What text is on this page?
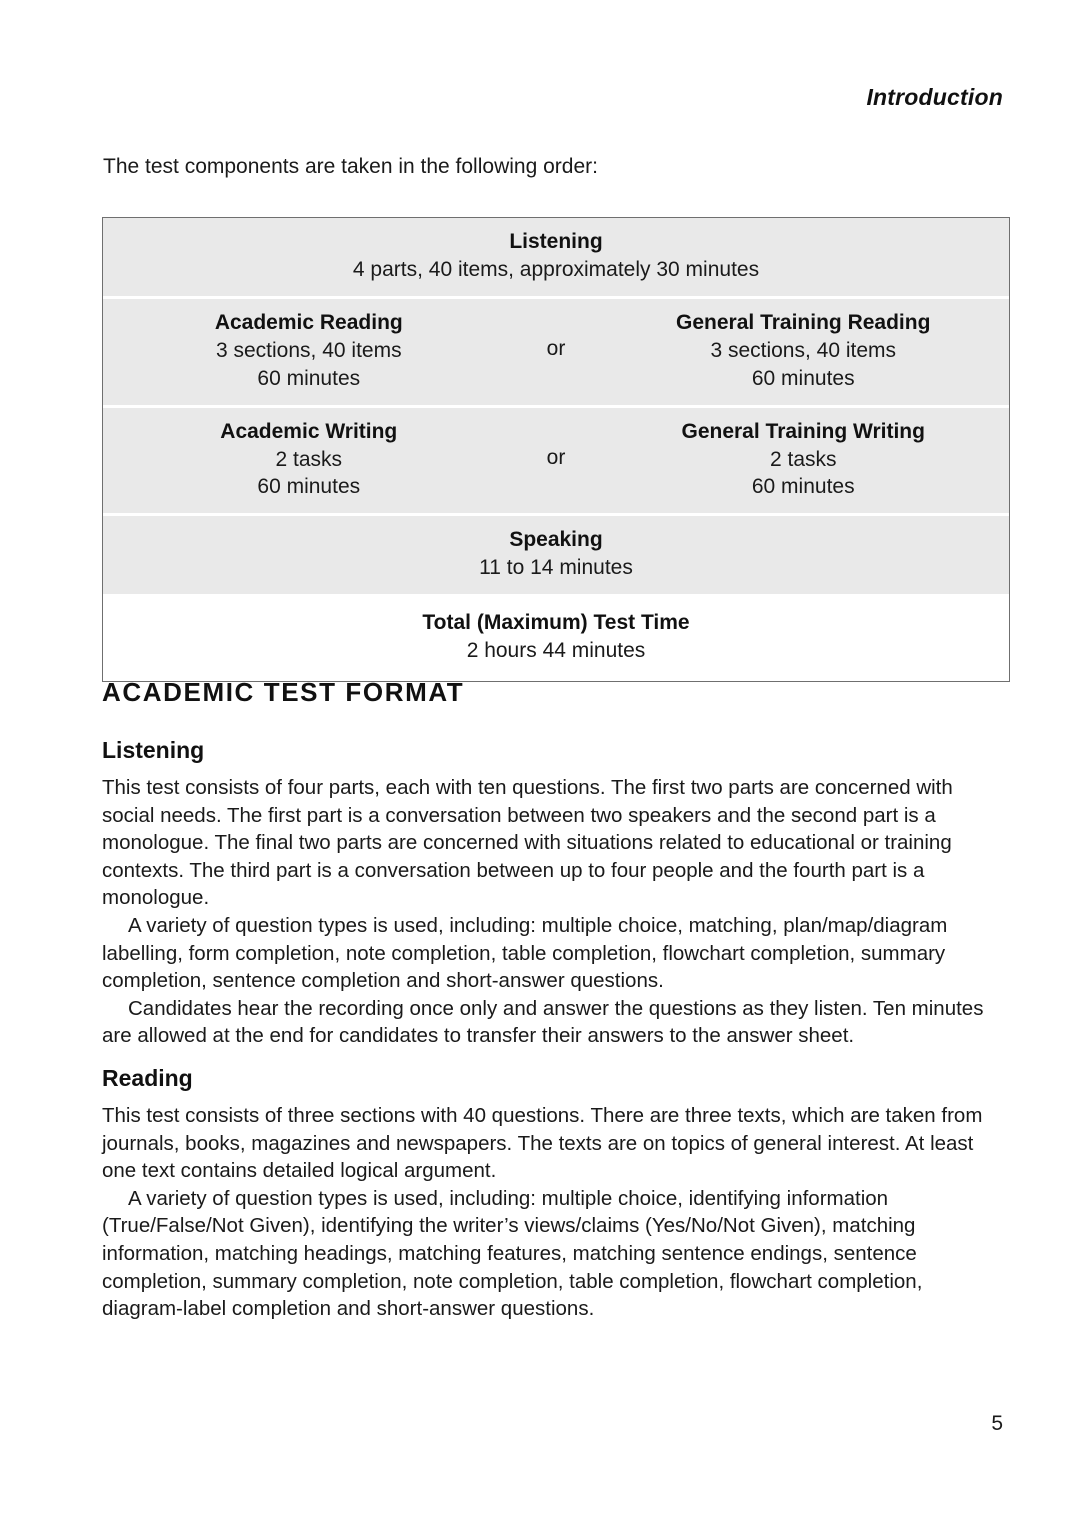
Introduction
The test components are taken in the following order:
Listening
4 parts, 40 items, approximately 30 minutes
Academic Reading
3 sections, 40 items
60 minutes
or
General Training Reading
3 sections, 40 items
60 minutes
Academic Writing
2 tasks
60 minutes
or
General Training Writing
2 tasks
60 minutes
Speaking
11 to 14 minutes
Total (Maximum) Test Time
2 hours 44 minutes
ACADEMIC TEST FORMAT
Listening

This test consists of four parts, each with ten questions. The first two parts are concerned with social needs. The first part is a conversation between two speakers and the second part is a monologue. The final two parts are concerned with situations related to educational or training contexts. The third part is a conversation between up to four people and the fourth part is a monologue.

A variety of question types is used, including: multiple choice, matching, plan/map/diagram labelling, form completion, note completion, table completion, flowchart completion, summary completion, sentence completion and short-answer questions.

Candidates hear the recording once only and answer the questions as they listen. Ten minutes are allowed at the end for candidates to transfer their answers to the answer sheet.

Reading

This test consists of three sections with 40 questions. There are three texts, which are taken from journals, books, magazines and newspapers. The texts are on topics of general interest. At least one text contains detailed logical argument.

A variety of question types is used, including: multiple choice, identifying information (True/False/Not Given), identifying the writer’s views/claims (Yes/No/Not Given), matching information, matching headings, matching features, matching sentence endings, sentence completion, summary completion, note completion, table completion, flowchart completion, diagram-label completion and short-answer questions.

5
